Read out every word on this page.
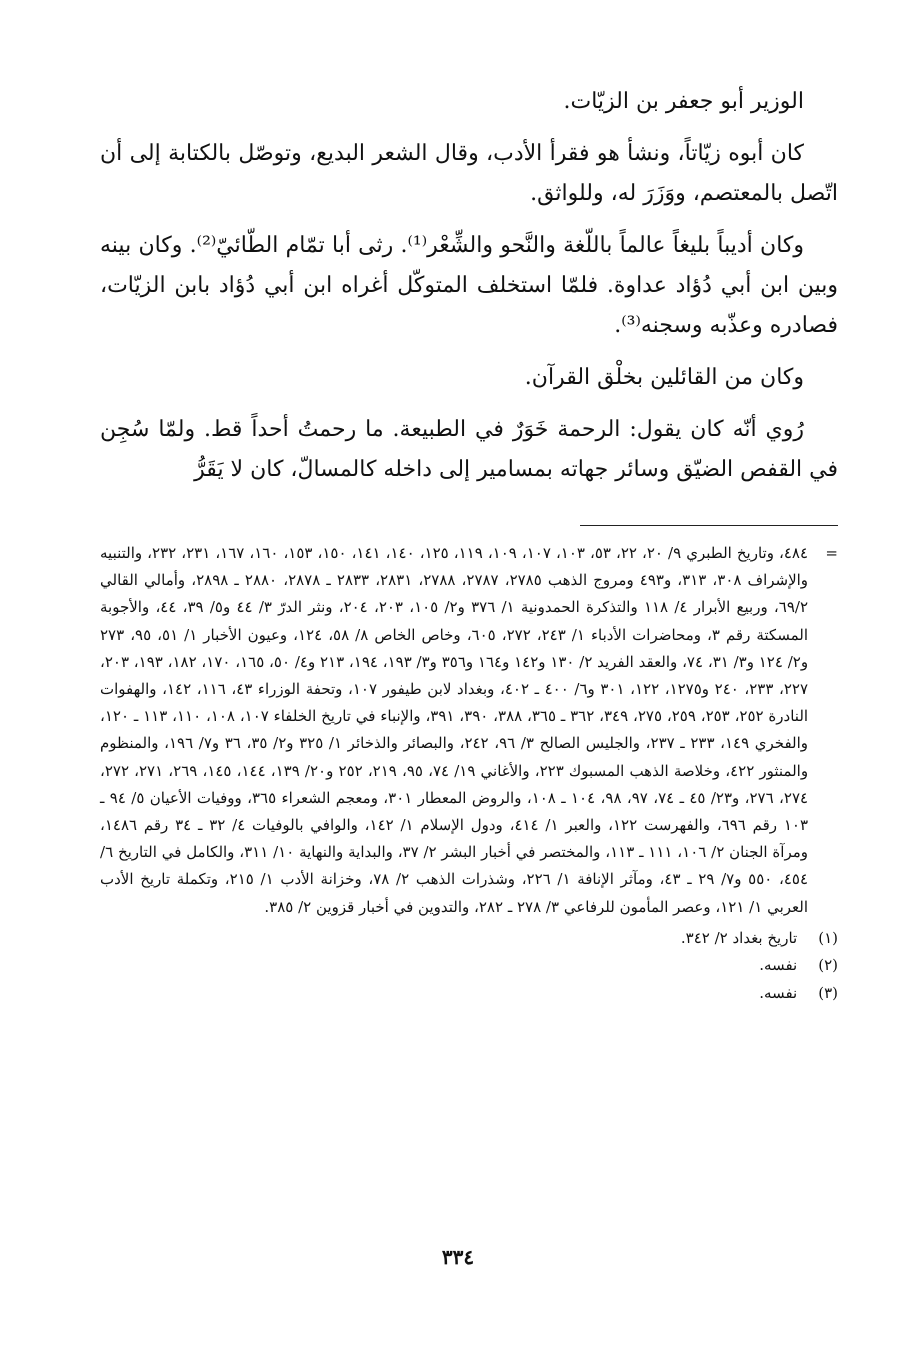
الوزير أبو جعفر بن الزيّات.

كان أبوه زيّاتاً، ونشأ هو فقرأ الأدب، وقال الشعر البديع، وتوصّل بالكتابة إلى أن اتّصل بالمعتصم، ووَزَرَ له، وللواثق.

وكان أديباً بليغاً عالماً باللّغة والنَّحو والشِّعْر⁽¹⁾. رثى أبا تمّام الطّائيّ⁽²⁾. وكان بينه وبين ابن أبي دُؤاد عداوة. فلمّا استخلف المتوكّل أغراه ابن أبي دُؤاد بابن الزيّات، فصادره وعذّبه وسجنه⁽³⁾.

وكان من القائلين بخلْق القرآن.

رُوي أنّه كان يقول: الرحمة خَوَرٌ في الطبيعة. ما رحمتُ أحداً قط. ولمّا سُجِن في القفص الضيّق وسائر جهاته بمسامير إلى داخله كالمسالّ، كان لا يَقَرُّ

=
٤٨٤، وتاريخ الطبري ٩/ ٢٠، ٢٢، ٥٣، ١٠٣، ١٠٧، ١٠٩، ١١٩، ١٢٥، ١٤٠، ١٤١، ١٥٠، ١٥٣، ١٦٠، ١٦٧، ٢٣١، ٢٣٢، والتنبيه والإشراف ٣٠٨، ٣١٣، و٤٩٣ ومروج الذهب ٢٧٨٥، ٢٧٨٧، ٢٧٨٨، ٢٨٣١، ٢٨٣٣ ـ ٢٨٧٨، ٢٨٨٠ ـ ٢٨٩٨، وأمالي القالي ٦٩/٢، وربيع الأبرار ٤/ ١١٨ والتذكرة الحمدونية ١/ ٣٧٦ و٢/ ١٠٥، ٢٠٣، ٢٠٤، ونثر الدرّ ٣/ ٤٤ و٥/ ٣٩، ٤٤، والأجوبة المسكتة رقم ٣، ومحاضرات الأدباء ١/ ٢٤٣، ٢٧٢، ٦٠٥، وخاص الخاص ٨/ ٥٨، ١٢٤، وعيون الأخبار ١/ ٥١، ٩٥، ٢٧٣ و٢/ ١٢٤ و٣/ ٣١، ٧٤، والعقد الفريد ٢/ ١٣٠ و١٤٢ و١٦٤ و٣٥٦ و٣/ ١٩٣، ١٩٤، ٢١٣ و٤/ ٥٠، ١٦٥، ١٧٠، ١٨٢، ١٩٣، ٢٠٣، ٢٢٧، ٢٣٣، ٢٤٠ و١٢٧٥، ١٢٢، ٣٠١ و٦/ ٤٠٠ ـ ٤٠٢، وبغداد لابن طيفور ١٠٧، وتحفة الوزراء ٤٣، ١١٦، ١٤٢، والهفوات النادرة ٢٥٢، ٢٥٣، ٢٥٩، ٢٧٥، ٣٤٩، ٣٦٢ ـ ٣٦٥، ٣٨٨، ٣٩٠، ٣٩١، والإنباء في تاريخ الخلفاء ١٠٧، ١٠٨، ١١٠، ١١٣ ـ ١٢٠، والفخري ١٤٩، ٢٣٣ ـ ٢٣٧، والجليس الصالح ٣/ ٩٦، ٢٤٢، والبصائر والذخائر ١/ ٣٢٥ و٢/ ٣٥، ٣٦ و٧/ ١٩٦، والمنظوم والمنثور ٤٢٢، وخلاصة الذهب المسبوك ٢٢٣، والأغاني ١٩/ ٧٤، ٩٥، ٢١٩، ٢٥٢ و٢٠/ ١٣٩، ١٤٤، ١٤٥، ٢٦٩، ٢٧١، ٢٧٢، ٢٧٤، ٢٧٦، و٢٣/ ٤٥ ـ ٧٤، ٩٧، ٩٨، ١٠٤ ـ ١٠٨، والروض المعطار ٣٠١، ومعجم الشعراء ٣٦٥، ووفيات الأعيان ٥/ ٩٤ ـ ١٠٣ رقم ٦٩٦، والفهرست ١٢٢، والعبر ١/ ٤١٤، ودول الإسلام ١/ ١٤٢، والوافي بالوفيات ٤/ ٣٢ ـ ٣٤ رقم ١٤٨٦، ومرآة الجنان ٢/ ١٠٦، ١١١ ـ ١١٣، والمختصر في أخبار البشر ٢/ ٣٧، والبداية والنهاية ١٠/ ٣١١، والكامل في التاريخ ٦/ ٤٥٤، ٥٥٠ و٧/ ٢٩ ـ ٤٣، ومآثر الإنافة ١/ ٢٢٦، وشذرات الذهب ٢/ ٧٨، وخزانة الأدب ١/ ٢١٥، وتكملة تاريخ الأدب العربي ١/ ١٢١، وعصر المأمون للرفاعي ٣/ ٢٧٨ ـ ٢٨٢، والتدوين في أخبار قزوين ٢/ ٣٨٥.
(١) تاريخ بغداد ٢/ ٣٤٢.
(٢) نفسه.
(٣) نفسه.
٣٣٤
